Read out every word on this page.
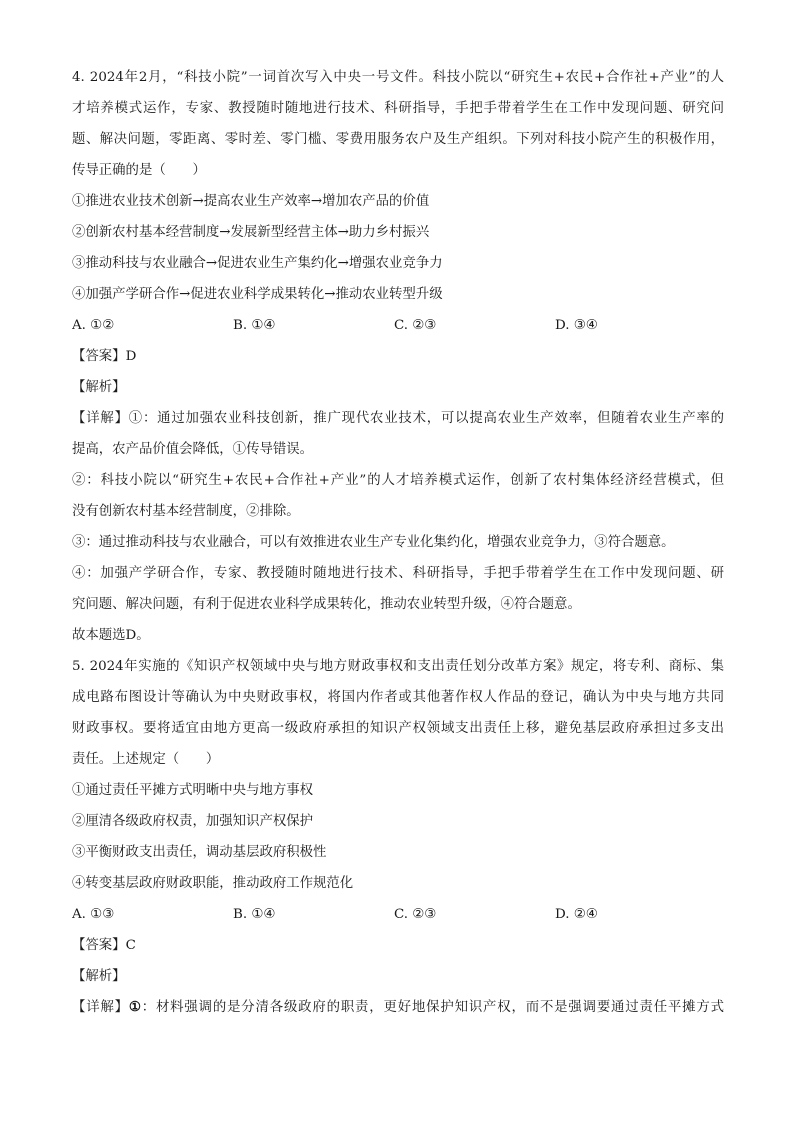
4. 2024年2月，“科技小院”一词首次写入中央一号文件。科技小院以“研究生+农民+合作社+产业”的人
才培养模式运作，专家、教授随时随地进行技术、科研指导，手把手带着学生在工作中发现问题、研究问
题、解决问题，零距离、零时差、零门槛、零费用服务农户及生产组织。下列对科技小院产生的积极作用，
传导正确的是（　　）
①推进农业技术创新→提高农业生产效率→增加农产品的价值
②创新农村基本经营制度→发展新型经营主体→助力乡村振兴
③推动科技与农业融合→促进农业生产集约化→增强农业竞争力
④加强产学研合作→促进农业科学成果转化→推动农业转型升级
A. ①②	B. ①④	C. ②③	D. ③④
【答案】D
【解析】
【详解】①：通过加强农业科技创新，推广现代农业技术，可以提高农业生产效率，但随着农业生产率的
提高，农产品价值会降低，①传导错误。
②：科技小院以“研究生+农民+合作社+产业”的人才培养模式运作，创新了农村集体经济经营模式，但
没有创新农村基本经营制度，②排除。
③：通过推动科技与农业融合，可以有效推进农业生产专业化集约化，增强农业竞争力，③符合题意。
④：加强产学研合作，专家、教授随时随地进行技术、科研指导，手把手带着学生在工作中发现问题、研
究问题、解决问题，有利于促进农业科学成果转化，推动农业转型升级，④符合题意。
故本题选D。
5. 2024年实施的《知识产权领域中央与地方财政事权和支出责任划分改革方案》规定，将专利、商标、集
成电路布图设计等确认为中央财政事权，将国内作者或其他著作权人作品的登记，确认为中央与地方共同
财政事权。要将适宜由地方更高一级政府承担的知识产权领域支出责任上移，避免基层政府承担过多支出
责任。上述规定（　　）
①通过责任平摊方式明晰中央与地方事权
②厘清各级政府权责，加强知识产权保护
③平衡财政支出责任，调动基层政府积极性
④转变基层政府财政职能，推动政府工作规范化
A. ①③	B. ①④	C. ②③	D. ②④
【答案】C
【解析】
【详解】①：材料强调的是分清各级政府的职责，更好地保护知识产权，而不是强调要通过责任平摊方式
